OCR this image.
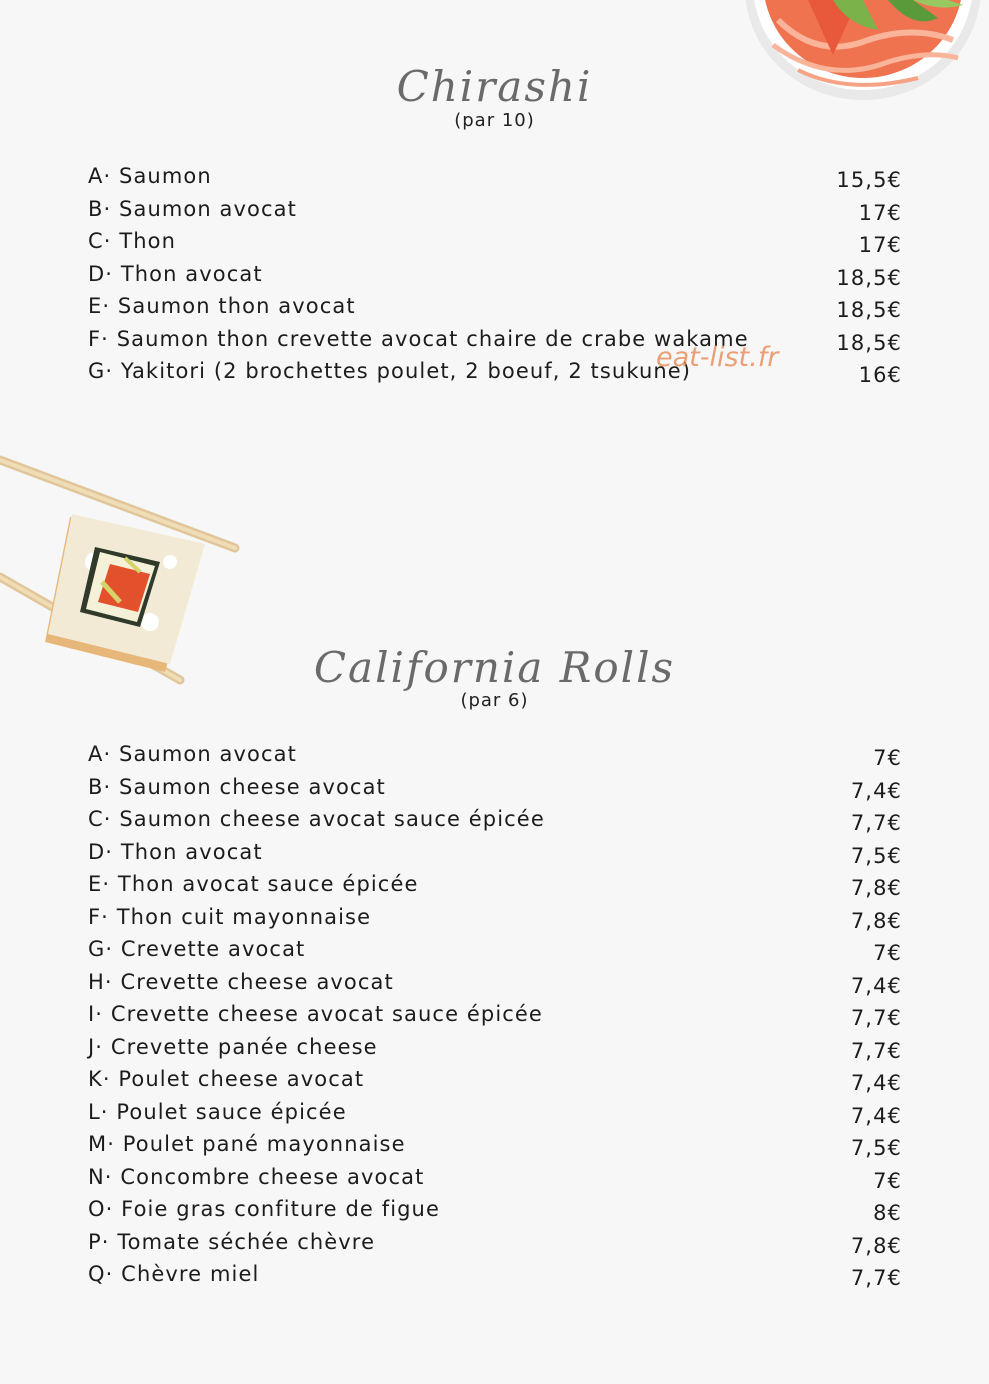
Chirashi
(par 10)
A· Saumon	15,5€
B· Saumon avocat	17€
C· Thon	17€
D· Thon avocat	18,5€
E· Saumon thon avocat	18,5€
F· Saumon thon crevette avocat chaire de crabe wakame	18,5€
G· Yakitori (2 brochettes poulet, 2 boeuf, 2 tsukune)	16€
eat-list.fr
California Rolls
(par 6)
A· Saumon avocat	7€
B· Saumon cheese avocat	7,4€
C· Saumon cheese avocat sauce épicée	7,7€
D· Thon avocat	7,5€
E· Thon avocat sauce épicée	7,8€
F· Thon cuit mayonnaise	7,8€
G· Crevette avocat	7€
H· Crevette cheese avocat	7,4€
I· Crevette cheese avocat sauce épicée	7,7€
J· Crevette panée cheese	7,7€
K· Poulet cheese avocat	7,4€
L· Poulet sauce épicée	7,4€
M· Poulet pané mayonnaise	7,5€
N· Concombre cheese avocat	7€
O· Foie gras confiture de figue	8€
P· Tomate séchée chèvre	7,8€
Q· Chèvre miel	7,7€
